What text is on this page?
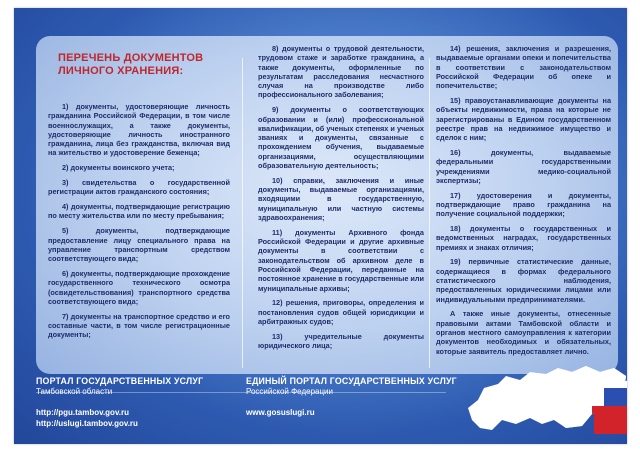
ПЕРЕЧЕНЬ ДОКУМЕНТОВ
ЛИЧНОГО ХРАНЕНИЯ:

1) документы, удостоверяющие личность гражданина Российской Федерации, в том числе военнослужащих, а также документы, удостоверяющие личность иностранного гражданина, лица без гражданства, включая вид на жительство и удостоверение беженца;

2) документы воинского учета;

3) свидетельства о государственной регистрации актов гражданского состояния;

4) документы, подтверждающие регистрацию по месту жительства или по месту пребывания;

5) документы, подтверждающие предоставление лицу специального права на управление транспортным средством соответствующего вида;

6) документы, подтверждающие прохождение государственного технического осмотра (освидетельствования) транспортного средства соответствующего вида;

7) документы на транспортное средство и его составные части, в том числе регистрационные документы;

8) документы о трудовой деятельности, трудовом стаже и заработке гражданина, а также документы, оформленные по результатам расследования несчастного случая на производстве либо профессионального заболевания;

9) документы о соответствующих образовании и (или) профессиональной квалификации, об ученых степенях и ученых званиях и документы, связанные с прохождением обучения, выдаваемые организациями, осуществляющими образовательную деятельность;

10) справки, заключения и иные документы, выдаваемые организациями, входящими в государственную, муниципальную или частную системы здравоохранения;

11) документы Архивного фонда Российской Федерации и другие архивные документы в соответствии с законодательством об архивном деле в Российской Федерации, переданные на постоянное хранение в государственные или муниципальные архивы;

12) решения, приговоры, определения и постановления судов общей юрисдикции и арбитражных судов;

13) учредительные документы юридического лица;

14) решения, заключения и разрешения, выдаваемые органами опеки и попечительства в соответствии с законодательством Российской Федерации об опеке и попечительстве;

15) правоустанавливающие документы на объекты недвижимости, права на которые не зарегистрированы в Едином государственном реестре прав на недвижимое имущество и сделок с ним;

16) документы, выдаваемые федеральными государственными учреждениями медико-социальной экспертизы;

17) удостоверения и документы, подтверждающие право гражданина на получение социальной поддержки;

18) документы о государственных и ведомственных наградах, государственных премиях и знаках отличия;

19) первичные статистические данные, содержащиеся в формах федерального статистического наблюдения, предоставленных юридическими лицами или индивидуальными предпринимателями.

А также иные документы, отнесенные правовыми актами Тамбовской области и органов местного самоуправления к категории документов необходимых и обязательных, которые заявитель предоставляет лично.

ПОРТАЛ ГОСУДАРСТВЕННЫХ УСЛУГ
Тамбовской области
http://pgu.tambov.gov.ru
http://uslugi.tambov.gov.ru
ЕДИНЫЙ ПОРТАЛ ГОСУДАРСТВЕННЫХ УСЛУГ
Российской Федерации
www.gosuslugi.ru
